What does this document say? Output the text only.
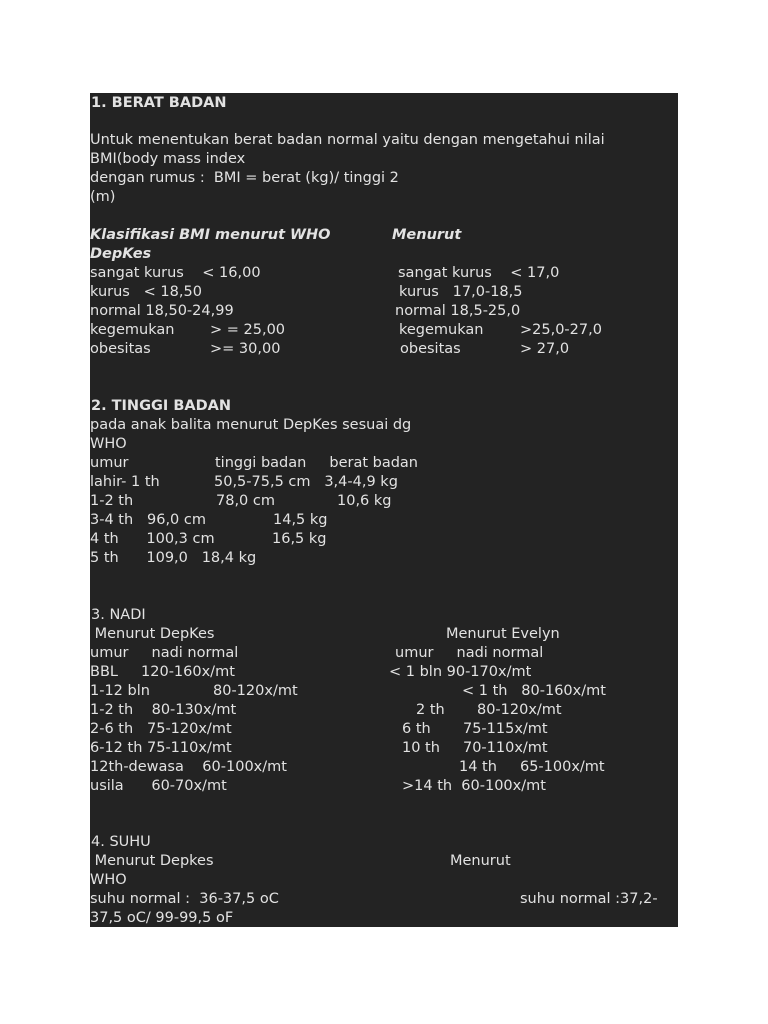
1. BERAT BADAN
Untuk menentukan berat badan normal yaitu dengan mengetahui nilai
BMI(body mass index
dengan rumus :  BMI = berat (kg)/ tinggi 2
(m)
Klasifikasi BMI menurut WHO	Menurut
DepKes
sangat kurus    < 16,00	sangat kurus    < 17,0
kurus   < 18,50	kurus   17,0-18,5
normal 18,50-24,99	normal 18,5-25,0
kegemukan > = 25,00	kegemukan	>25,0-27,0
obesitas	>= 30,00	obesitas	> 27,0
2. TINGGI BADAN
pada anak balita menurut DepKes sesuai dg
WHO
umur	tinggi badan     berat badan
lahir- 1 th	50,5-75,5 cm   3,4-4,9 kg
1-2 th	78,0 cm	10,6 kg
3-4 th   96,0 cm	14,5 kg
4 th      100,3 cm	16,5 kg
5 th      109,0   18,4 kg
3. NADI
Menurut DepKes	Menurut Evelyn
umur     nadi normal	umur     nadi normal
BBL     120-160x/mt	< 1 bln 90-170x/mt
1-12 bln	80-120x/mt	< 1 th   80-160x/mt
1-2 th    80-130x/mt	2 th       80-120x/mt
2-6 th   75-120x/mt	6 th       75-115x/mt
6-12 th 75-110x/mt	10 th     70-110x/mt
12th-dewasa    60-100x/mt	14 th     65-100x/mt
usila      60-70x/mt	>14 th  60-100x/mt
4. SUHU
Menurut Depkes	Menurut
WHO
suhu normal :  36-37,5 oC	suhu normal :37,2-
37,5 oC/ 99-99,5 oF
